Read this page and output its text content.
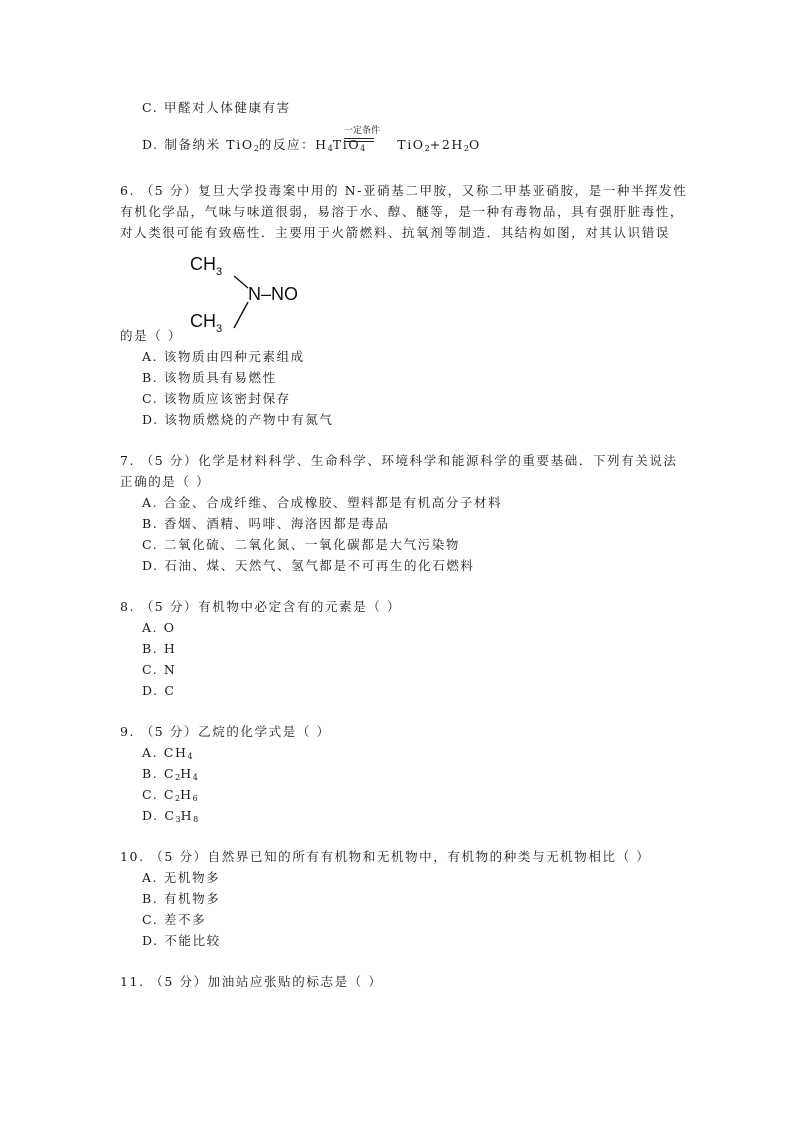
C. 甲醛对人体健康有害
D. 制备纳米 TiO$_2$的反应：$H_4TiO_4$	$TiO_2+2H_2O$
一定条件
6. （5 分）复旦大学投毒案中用的 N-亚硝基二甲胺，又称二甲基亚硝胺，是一种半挥发性
有机化学品，气味与味道很弱，易溶于水、醇、醚等，是一种有毒物品，具有强肝脏毒性，
对人类很可能有致癌性．主要用于火箭燃料、抗氧剂等制造．其结构如图，对其认识错误
$CH_3$
$CH_3$
N–NO
的是（ ）
A. 该物质由四种元素组成
B. 该物质具有易燃性
C. 该物质应该密封保存
D. 该物质燃烧的产物中有氮气
7. （5 分）化学是材料科学、生命科学、环境科学和能源科学的重要基础．下列有关说法
正确的是（ ）
A. 合金、合成纤维、合成橡胶、塑料都是有机高分子材料
B. 香烟、酒精、吗啡、海洛因都是毒品
C. 二氧化硫、二氧化氮、一氧化碳都是大气污染物
D. 石油、煤、天然气、氢气都是不可再生的化石燃料
8. （5 分）有机物中必定含有的元素是（ ）
A. O
B. H
C. N
D. C
9. （5 分）乙烷的化学式是（ ）
A. $CH_4$
B. $C_2H_4$
C. $C_2H_6$
D. $C_3H_8$
10. （5 分）自然界已知的所有有机物和无机物中，有机物的种类与无机物相比（ ）
A. 无机物多
B. 有机物多
C. 差不多
D. 不能比较
11. （5 分）加油站应张贴的标志是（ ）
